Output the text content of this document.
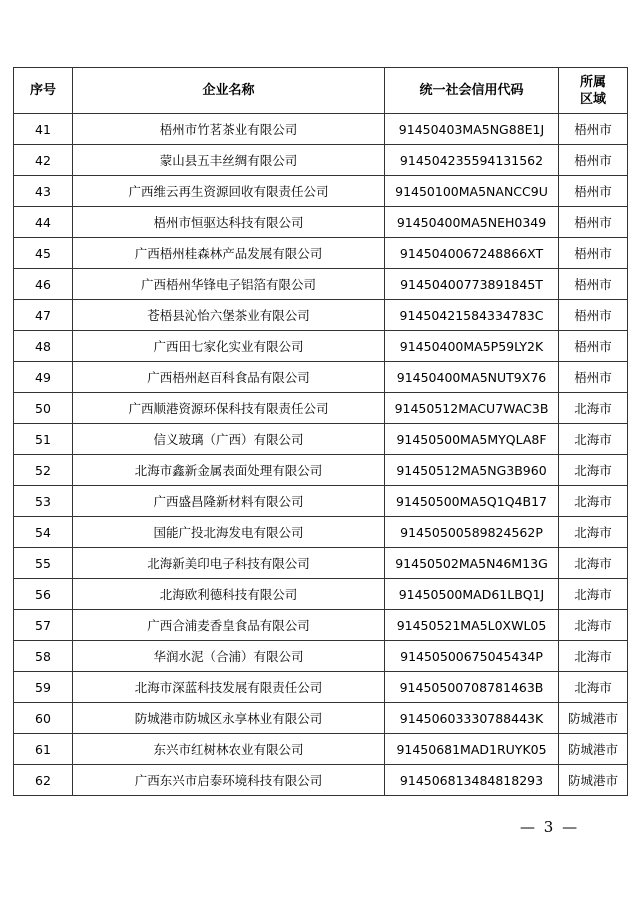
序号	企业名称	统一社会信用代码	所属
区域

41	梧州市竹茗茶业有限公司	91450403MA5NG88E1J	梧州市
42	蒙山县五丰丝绸有限公司	914504235594131562	梧州市
43	广西维云再生资源回收有限责任公司	91450100MA5NANCC9U	梧州市
44	梧州市恒驱达科技有限公司	91450400MA5NEH0349	梧州市
45	广西梧州桂森林产品发展有限公司	9145040067248866XT	梧州市
46	广西梧州华锋电子铝箔有限公司	91450400773891845T	梧州市
47	苍梧县沁怡六堡茶业有限公司	91450421584334783C	梧州市
48	广西田七家化实业有限公司	91450400MA5P59LY2K	梧州市
49	广西梧州赵百科食品有限公司	91450400MA5NUT9X76	梧州市
50	广西顺港资源环保科技有限责任公司	91450512MACU7WAC3B	北海市
51	信义玻璃（广西）有限公司	91450500MA5MYQLA8F	北海市
52	北海市鑫新金属表面处理有限公司	91450512MA5NG3B960	北海市
53	广西盛昌隆新材料有限公司	91450500MA5Q1Q4B17	北海市
54	国能广投北海发电有限公司	91450500589824562P	北海市
55	北海新美印电子科技有限公司	91450502MA5N46M13G	北海市
56	北海欧利德科技有限公司	91450500MAD61LBQ1J	北海市
57	广西合浦麦香皇食品有限公司	91450521MA5L0XWL05	北海市
58	华润水泥（合浦）有限公司	91450500675045434P	北海市
59	北海市深蓝科技发展有限责任公司	91450500708781463B	北海市
60	防城港市防城区永享林业有限公司	91450603330788443K	防城港市
61	东兴市红树林农业有限公司	91450681MAD1RUYK05	防城港市
62	广西东兴市启泰环境科技有限公司	914506813484818293	防城港市
— 3 —
